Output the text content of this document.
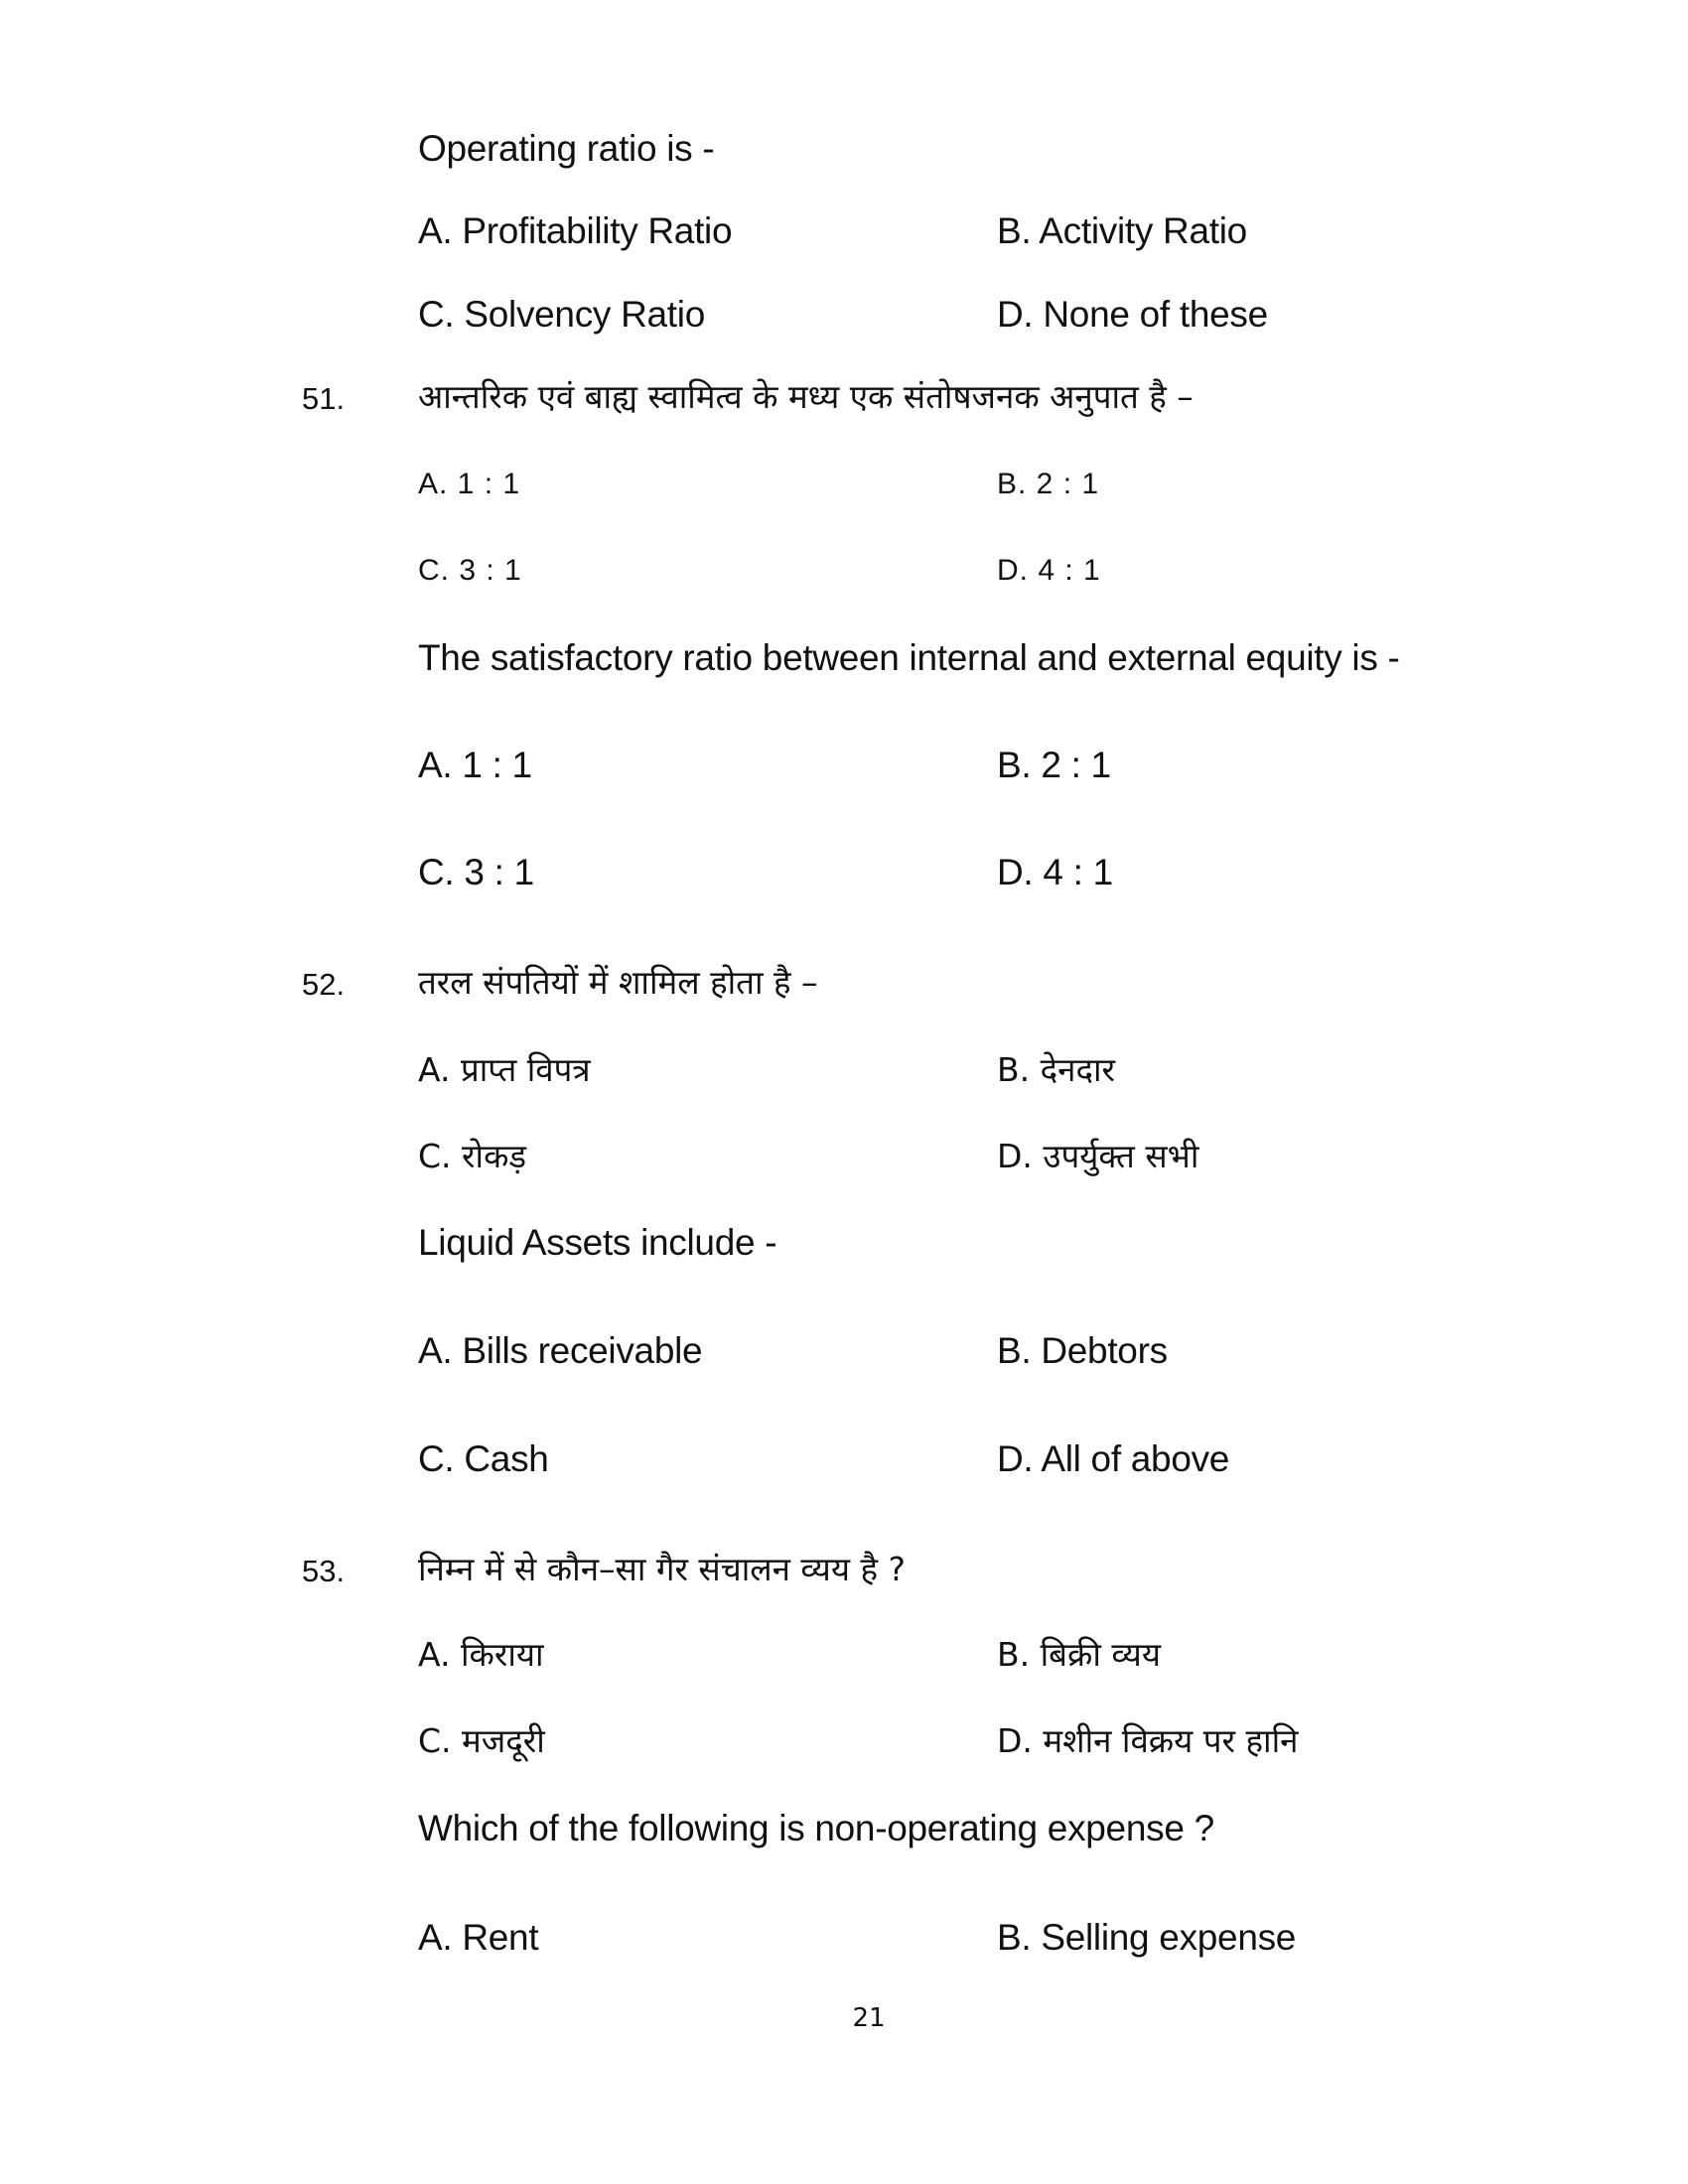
Operating ratio is -
A. Profitability Ratio	B. Activity Ratio
C. Solvency Ratio	D. None of these
51. आन्तरिक एवं बाह्य स्वामित्व के मध्य एक संतोषजनक अनुपात है –
A. 1 : 1	B. 2 : 1
C. 3 : 1	D. 4 : 1
The satisfactory ratio between internal and external equity is -
A. 1 : 1	B. 2 : 1
C. 3 : 1	D. 4 : 1
52. तरल संपतियों में शामिल होता है –
A. प्राप्त विपत्र	B. देनदार
C. रोकड़	D. उपर्युक्त सभी
Liquid Assets include -
A. Bills receivable	B. Debtors
C. Cash	D. All of above
53. निम्न में से कौन–सा गैर संचालन व्यय है ?
A. किराया	B. बिक्री व्यय
C. मजदूरी	D. मशीन विक्रय पर हानि
Which of the following is non-operating expense ?
A. Rent	B. Selling expense
21
